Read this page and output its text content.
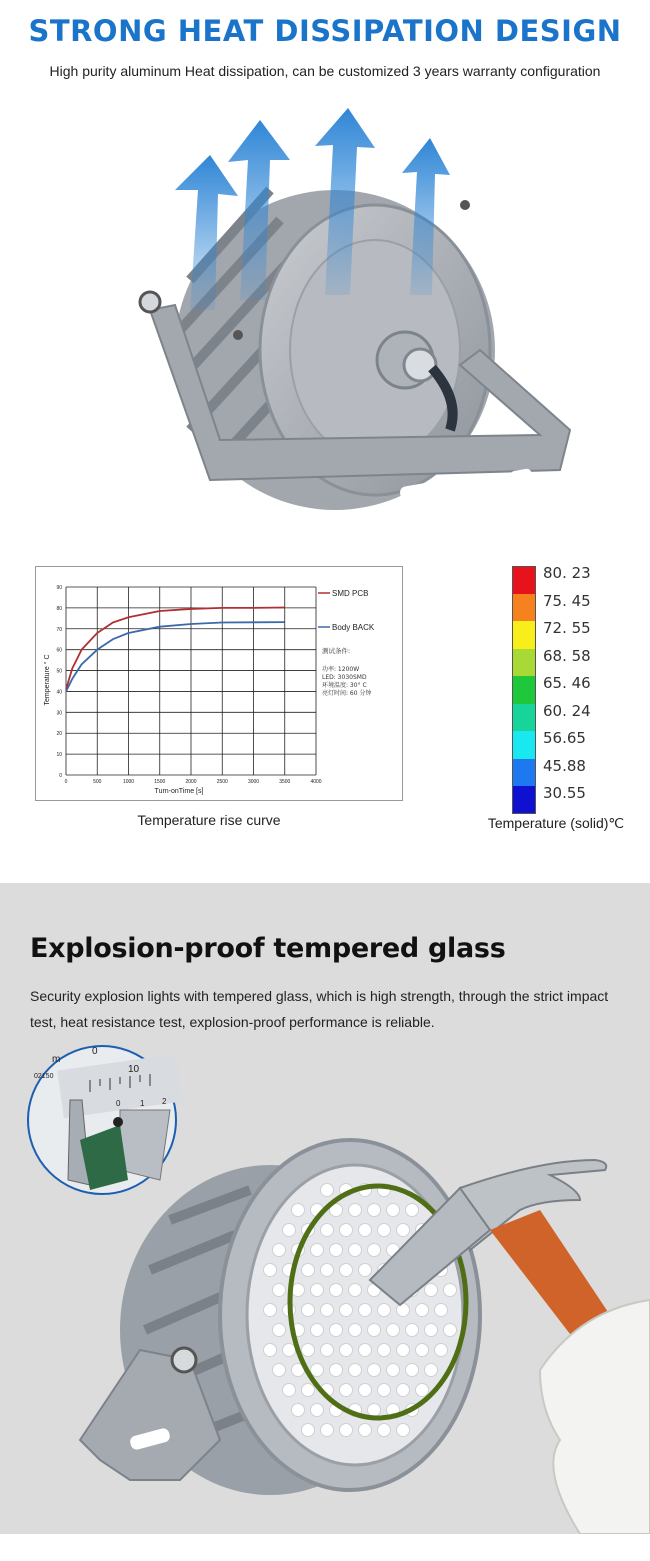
STRONG HEAT DISSIPATION DESIGN
High purity aluminum Heat dissipation, can be customized 3 years warranty configuration
0	500	1000	1500	2000	2500	3000	3500	4000
0
10
20
30
40
50
60
70
80
90
Turn-onTime [s]
Temperature ° C
SMD PCB
Body BACK
测试条件:
功率: 1200W
LED: 3030SMD
环境温度: 30° C
亮灯时间: 60 分钟
Temperature rise curve
80. 23
75. 45
72. 55
68. 58
65. 46
60. 24
56.65
45.88
30.55
Temperature (solid)℃
Explosion-proof tempered glass
Security explosion lights with tempered glass, which is high strength, through the strict impact test, heat resistance test, explosion-proof performance is reliable.
10
0
m
02150
0 1 2
